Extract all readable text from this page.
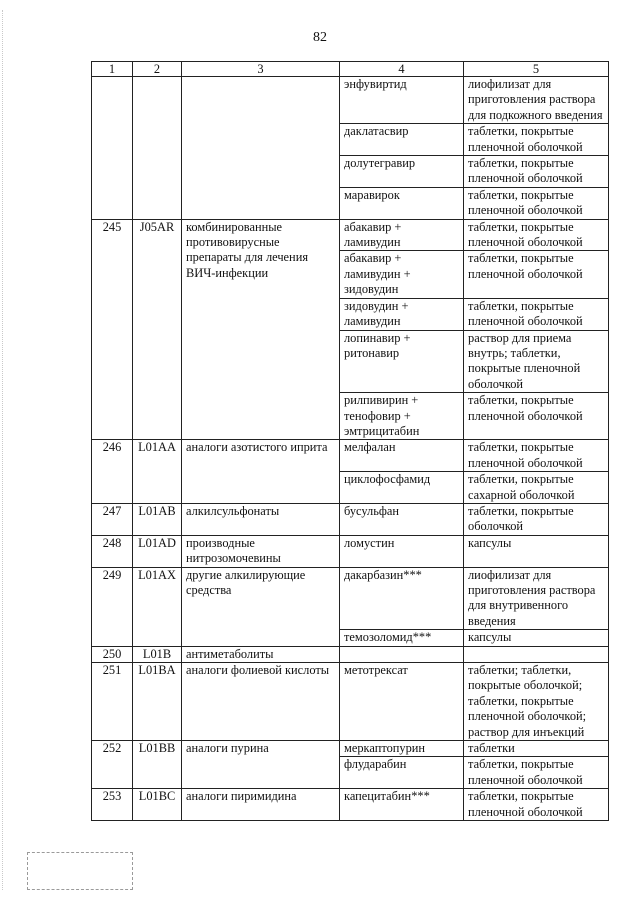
82
1	2	3	4	5
			энфувиртид	лиофилизат для приготовления раствора для подкожного введения
			даклатасвир	таблетки, покрытые пленочной оболочкой
			долутегравир	таблетки, покрытые пленочной оболочкой
			маравирок	таблетки, покрытые пленочной оболочкой
245	J05AR	комбинированные противовирусные препараты для лечения ВИЧ-инфекции	абакавир + ламивудин	таблетки, покрытые пленочной оболочкой
			абакавир + ламивудин + зидовудин	таблетки, покрытые пленочной оболочкой
			зидовудин + ламивудин	таблетки, покрытые пленочной оболочкой
			лопинавир + ритонавир	раствор для приема внутрь; таблетки, покрытые пленочной оболочкой
			рилпивирин + тенофовир + эмтрицитабин	таблетки, покрытые пленочной оболочкой
246	L01AA	аналоги азотистого иприта	мелфалан	таблетки, покрытые пленочной оболочкой
			циклофосфамид	таблетки, покрытые сахарной оболочкой
247	L01AB	алкилсульфонаты	бусульфан	таблетки, покрытые оболочкой
248	L01AD	производные нитрозомочевины	ломустин	капсулы
249	L01AX	другие алкилирующие средства	дакарбазин***	лиофилизат для приготовления раствора для внутривенного введения
			темозоломид***	капсулы
250	L01B	антиметаболиты		
251	L01BA	аналоги фолиевой кислоты	метотрексат	таблетки; таблетки, покрытые оболочкой; таблетки, покрытые пленочной оболочкой; раствор для инъекций
252	L01BB	аналоги пурина	меркаптопурин	таблетки
			флударабин	таблетки, покрытые пленочной оболочкой
253	L01BC	аналоги пиримидина	капецитабин***	таблетки, покрытые пленочной оболочкой
